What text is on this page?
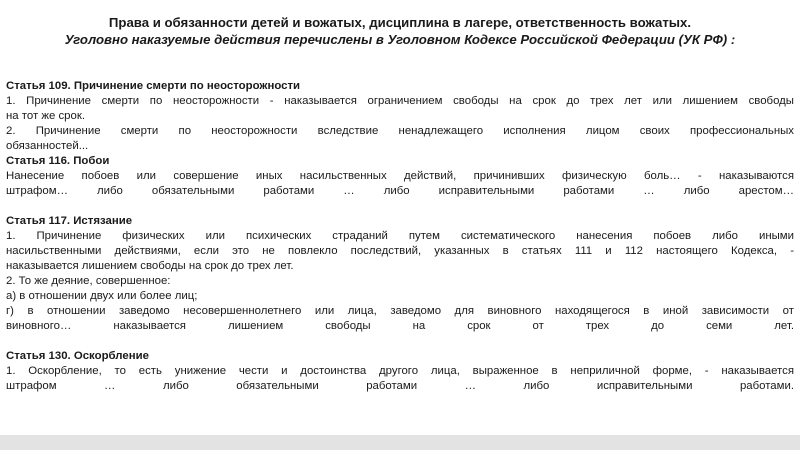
Права и обязанности детей и вожатых, дисциплина в лагере, ответственность вожатых.
Уголовно наказуемые действия перечислены в Уголовном Кодексе Российской Федерации (УК РФ) :

Статья 109. Причинение смерти по неосторожности

1. Причинение смерти по неосторожности - наказывается ограничением свободы на срок до трех лет или лишением свободы

на тот же срок.

2. Причинение смерти по неосторожности вследствие ненадлежащего исполнения лицом своих профессиональных

обязанностей...

Статья 116. Побои

Нанесение побоев или совершение иных насильственных действий, причинивших физическую боль… - наказываются

штрафом… либо обязательными работами … либо исправительными работами … либо арестом…

Статья 117. Истязание

1. Причинение физических или психических страданий путем систематического нанесения побоев либо иными

насильственными действиями, если это не повлекло последствий, указанных в статьях 111 и 112 настоящего Кодекса, -

наказывается лишением свободы на срок до трех лет.

2. То же деяние, совершенное:

а) в отношении двух или более лиц;

г) в отношении заведомо несовершеннолетнего или лица, заведомо для виновного находящегося в иной зависимости от

виновного… наказывается лишением свободы на срок от трех до семи лет.

Статья 130. Оскорбление

1. Оскорбление, то есть унижение чести и достоинства другого лица, выраженное в неприличной форме, - наказывается

штрафом … либо обязательными работами … либо исправительными работами.
